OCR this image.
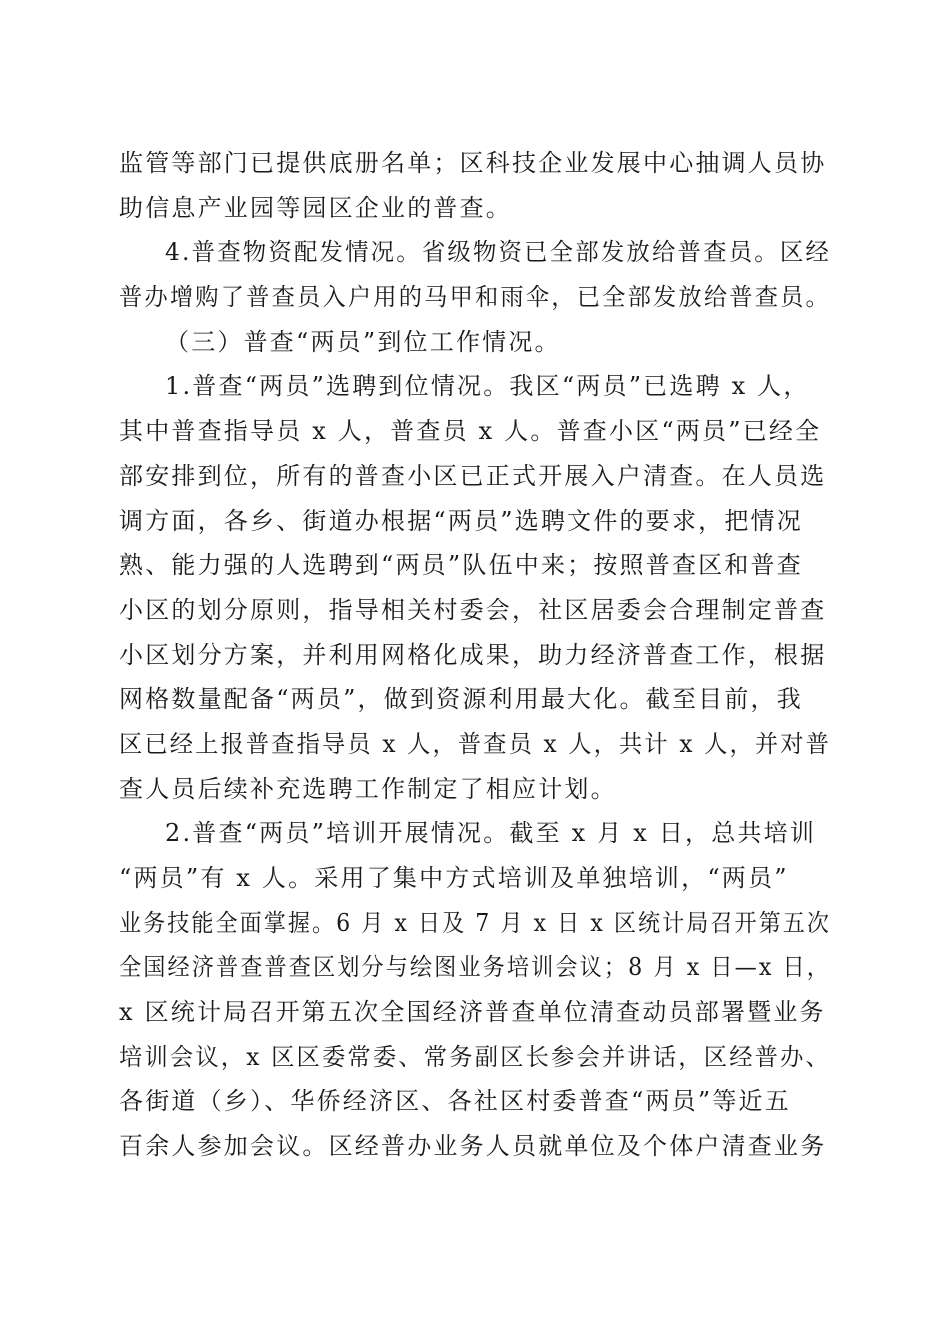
监管等部门已提供底册名单；区科技企业发展中心抽调人员协
助信息产业园等园区企业的普查。
4.普查物资配发情况。省级物资已全部发放给普查员。区经
普办增购了普查员入户用的马甲和雨伞，已全部发放给普查员。
（三）普查“两员”到位工作情况。
1.普查“两员”选聘到位情况。我区“两员”已选聘 x 人，
其中普查指导员 x 人，普查员 x 人。普查小区“两员”已经全
部安排到位，所有的普查小区已正式开展入户清查。在人员选
调方面，各乡、街道办根据“两员”选聘文件的要求，把情况
熟、能力强的人选聘到“两员”队伍中来；按照普查区和普查
小区的划分原则，指导相关村委会，社区居委会合理制定普查
小区划分方案，并利用网格化成果，助力经济普查工作，根据
网格数量配备“两员”，做到资源利用最大化。截至目前，我
区已经上报普查指导员 x 人，普查员 x 人，共计 x 人，并对普
查人员后续补充选聘工作制定了相应计划。
2.普查“两员”培训开展情况。截至 x 月 x 日，总共培训
“两员”有 x 人。采用了集中方式培训及单独培训，“两员”
业务技能全面掌握。6 月 x 日及 7 月 x 日 x 区统计局召开第五次
全国经济普查普查区划分与绘图业务培训会议；8 月 x 日—x 日，
x 区统计局召开第五次全国经济普查单位清查动员部署暨业务
培训会议，x 区区委常委、常务副区长参会并讲话，区经普办、
各街道（乡）、华侨经济区、各社区村委普查“两员”等近五
百余人参加会议。区经普办业务人员就单位及个体户清查业务
